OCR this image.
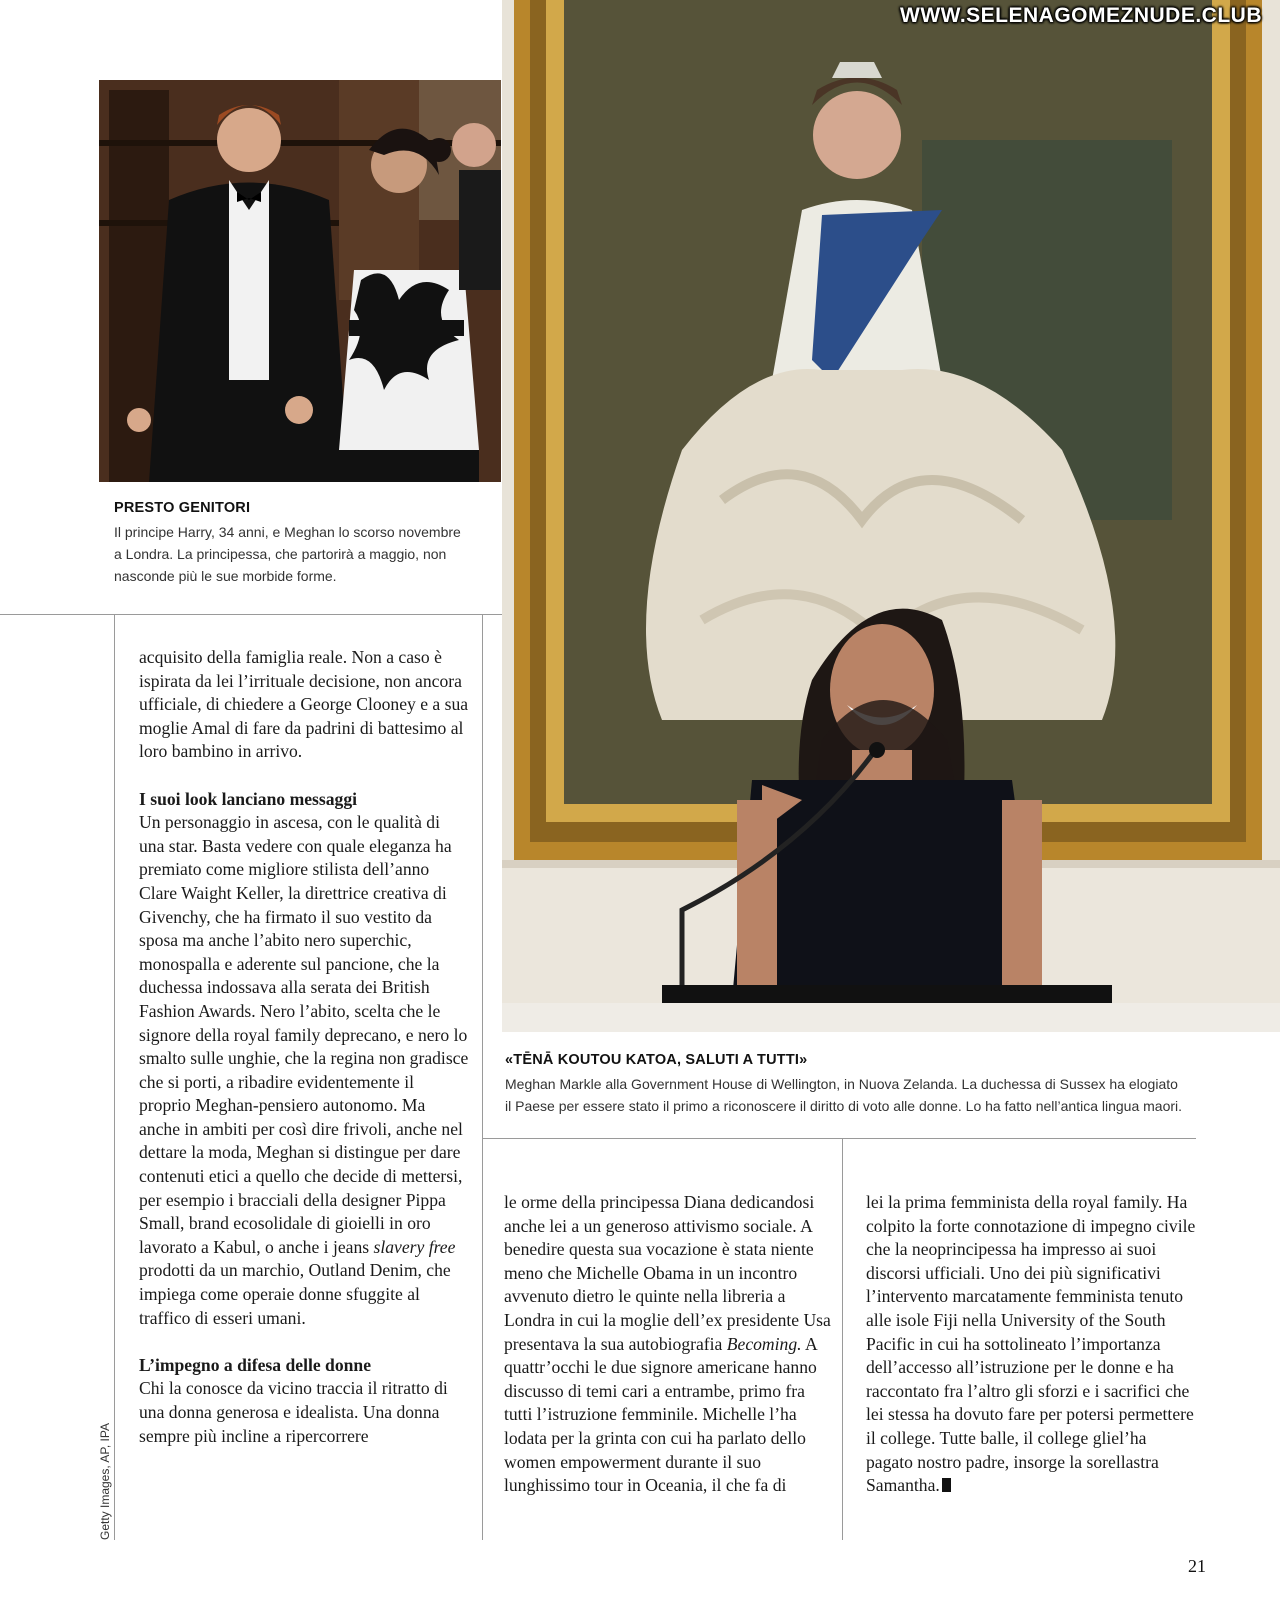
PRESTO GENITORI
Il principe Harry, 34 anni, e Meghan lo scorso novembre
a Londra. La principessa, che partorirà a maggio, non
nasconde più le sue morbide forme.
WWW.SELENAGOMEZNUDE.CLUB
«TĒNĀ KOUTOU KATOA, SALUTI A TUTTI»
Meghan Markle alla Government House di Wellington, in Nuova Zelanda. La duchessa di Sussex ha elogiato
il Paese per essere stato il primo a riconoscere il diritto di voto alle donne. Lo ha fatto nell’antica lingua maori.

acquisito della famiglia reale. Non a caso è ispirata da lei l’irrituale decisione, non ancora ufficiale, di chiedere a George Clooney e a sua moglie Amal di fare da padrini di battesimo al loro bambino in arrivo.

I suoi look lanciano messaggi

Un personaggio in ascesa, con le qualità di una star. Basta vedere con quale eleganza ha premiato come migliore stilista dell’anno Clare Waight Keller, la direttrice creativa di Givenchy, che ha firmato il suo vestito da sposa ma anche l’abito nero superchic, monospalla e aderente sul pancione, che la duchessa indossava alla serata dei British Fashion Awards. Nero l’abito, scelta che le signore della royal family deprecano, e nero lo smalto sulle unghie, che la regina non gradisce che si porti, a ribadire evidentemente il proprio Meghan-pensiero autonomo. Ma anche in ambiti per così dire frivoli, anche nel dettare la moda, Meghan si distingue per dare contenuti etici a quello che decide di mettersi, per esempio i bracciali della designer Pippa Small, brand ecosolidale di gioielli in oro lavorato a Kabul, o anche i jeans slavery free prodotti da un marchio, Outland Denim, che impiega come operaie donne sfuggite al traffico di esseri umani.

L’impegno a difesa delle donne

Chi la conosce da vicino traccia il ritratto di una donna generosa e idealista. Una donna sempre più incline a ripercorrere

le orme della principessa Diana dedicandosi anche lei a un generoso attivismo sociale. A benedire questa sua vocazione è stata niente meno che Michelle Obama in un incontro avvenuto dietro le quinte nella libreria a Londra in cui la moglie dell’ex presidente Usa presentava la sua autobiografia Becoming. A quattr’occhi le due signore americane hanno discusso di temi cari a entrambe, primo fra tutti l’istruzione femminile. Michelle l’ha lodata per la grinta con cui ha parlato dello women empowerment durante il suo lunghissimo tour in Oceania, il che fa di

lei la prima femminista della royal family. Ha colpito la forte connotazione di impegno civile che la neoprincipessa ha impresso ai suoi discorsi ufficiali. Uno dei più significativi l’intervento marcatamente femminista tenuto alle isole Fiji nella University of the South Pacific in cui ha sottolineato l’importanza dell’accesso all’istruzione per le donne e ha raccontato fra l’altro gli sforzi e i sacrifici che lei stessa ha dovuto fare per potersi permettere il college. Tutte balle, il college gliel’ha pagato nostro padre, insorge la sorellastra Samantha.

Getty Images, AP, IPA
21
